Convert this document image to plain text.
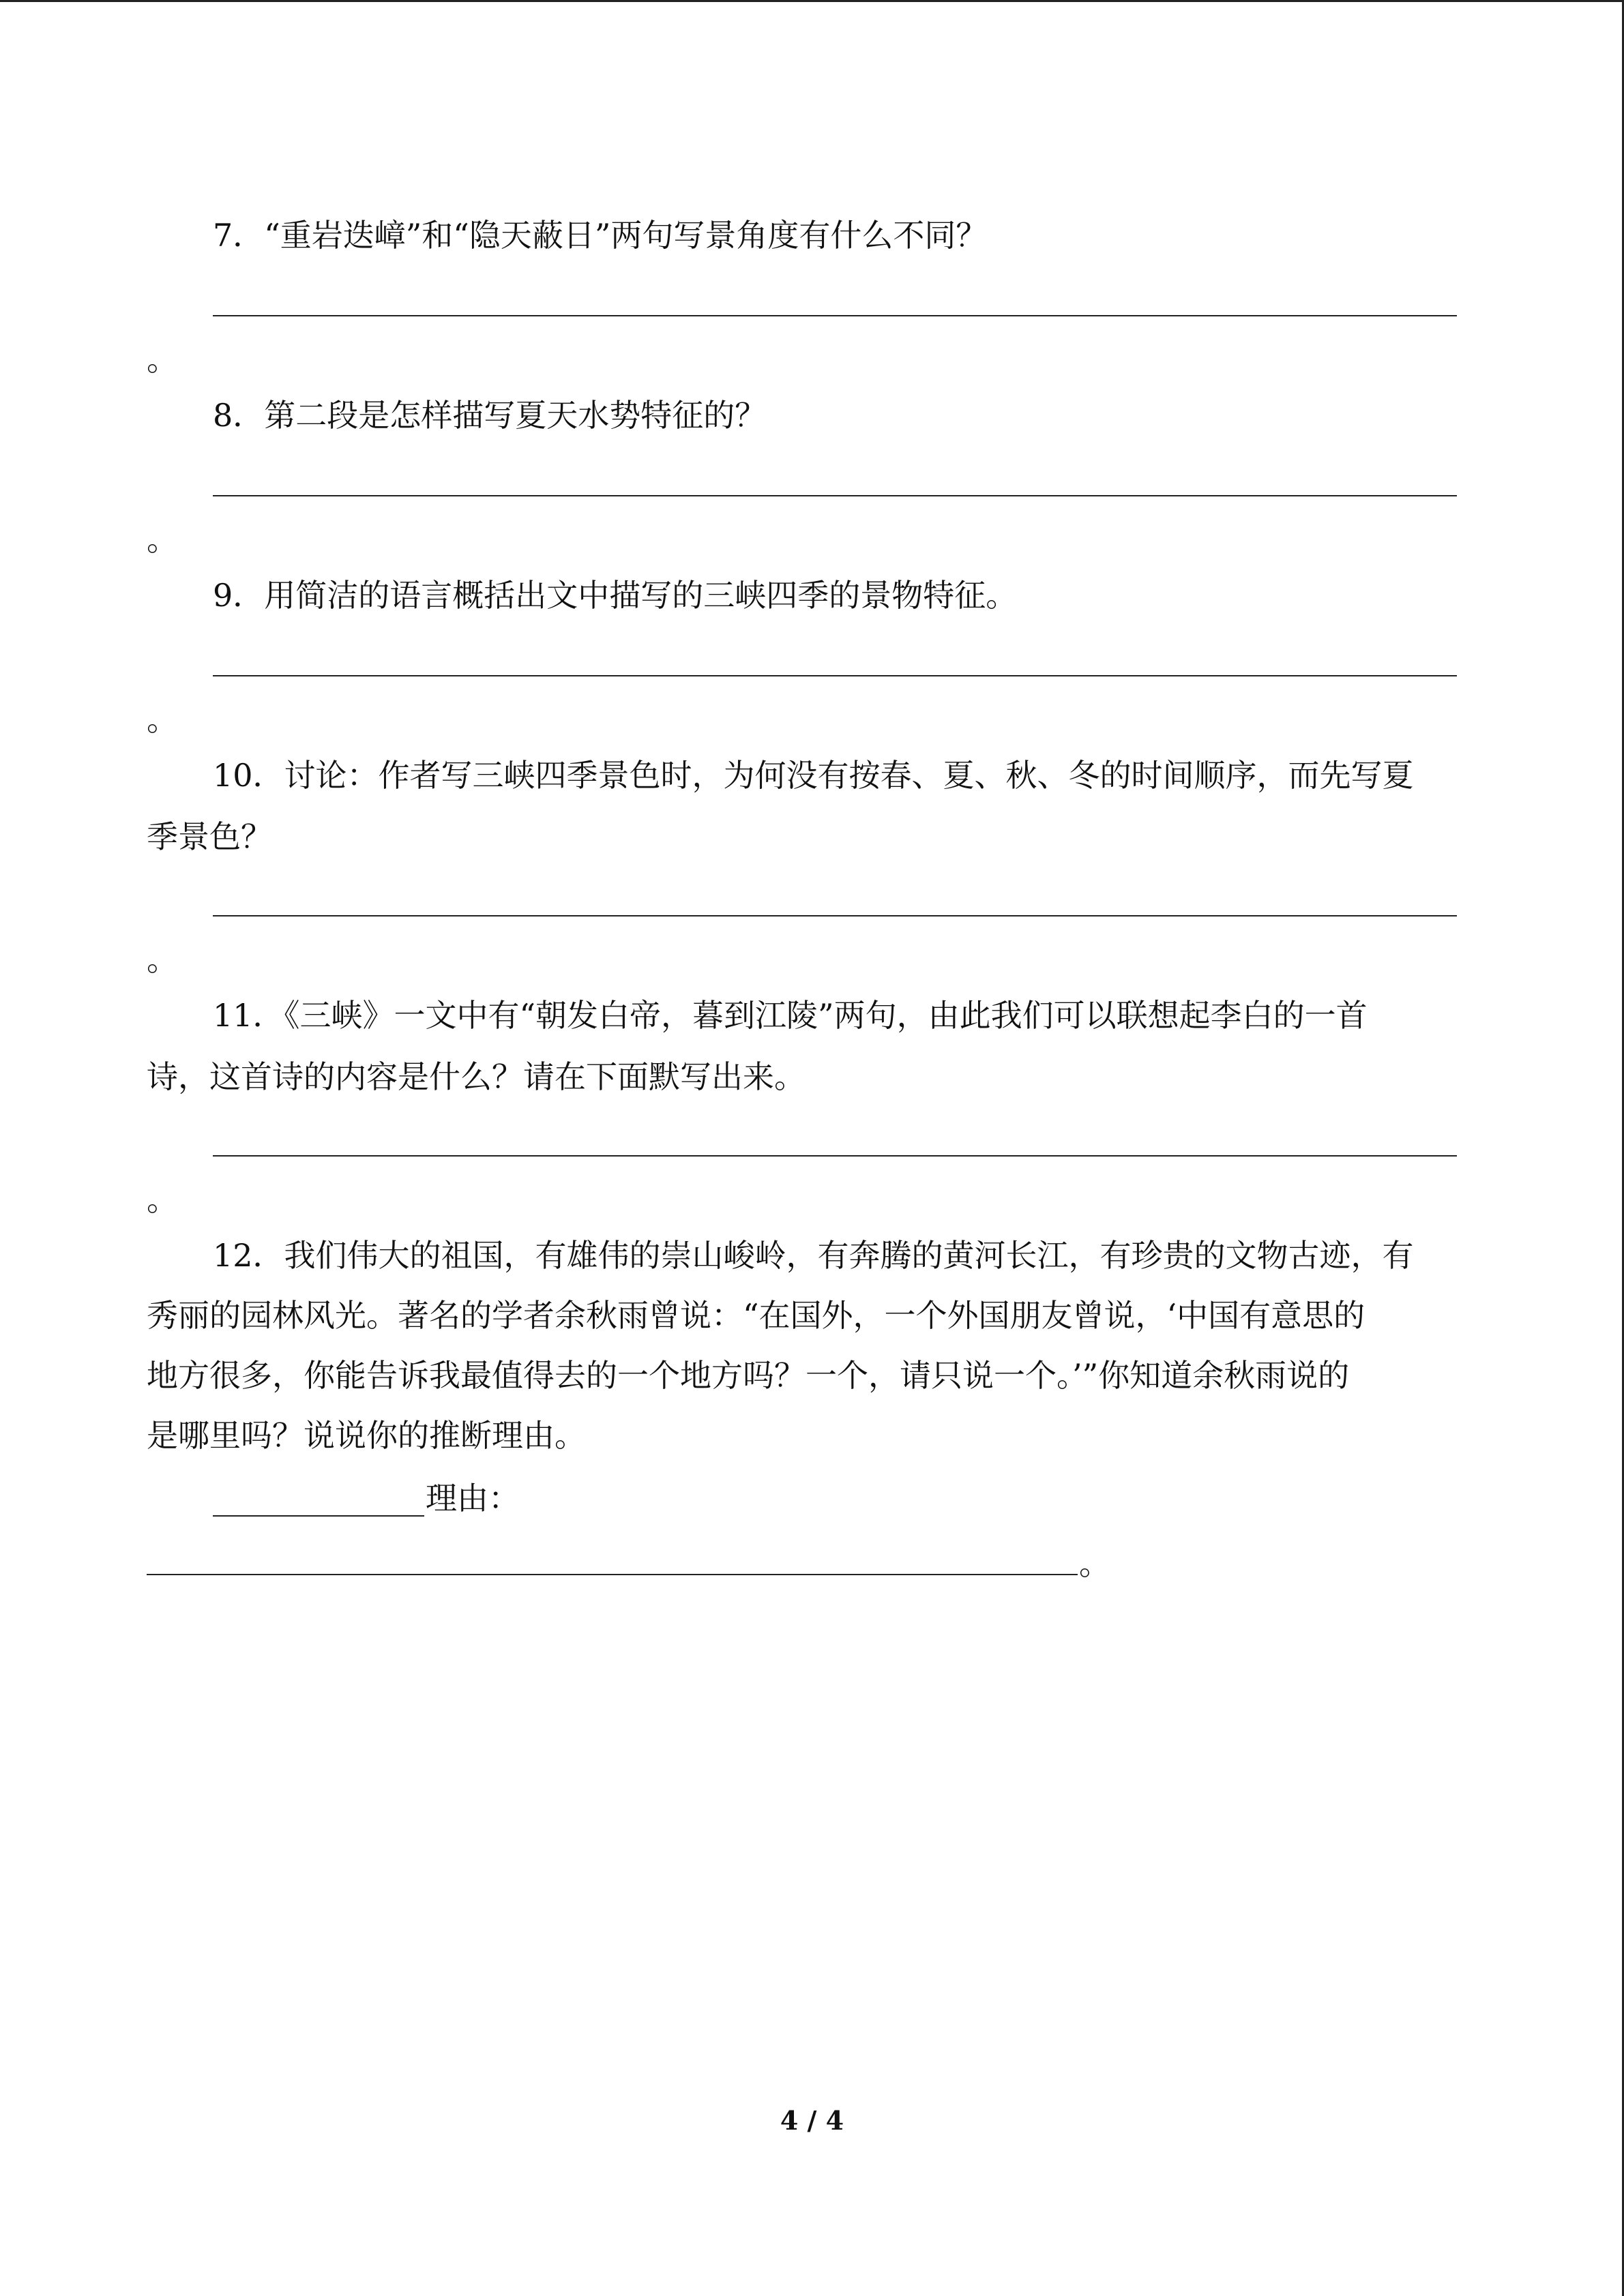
7．“重岩迭嶂”和“隐天蔽日”两句写景角度有什么不同？
。
8．第二段是怎样描写夏天水势特征的？
。
9．用简洁的语言概括出文中描写的三峡四季的景物特征。
。
10．讨论：作者写三峡四季景色时，为何没有按春、夏、秋、冬的时间顺序，而先写夏
季景色？
。
11．《三峡》一文中有“朝发白帝，暮到江陵”两句，由此我们可以联想起李白的一首
诗，这首诗的内容是什么？请在下面默写出来。
。
12．我们伟大的祖国，有雄伟的崇山峻岭，有奔腾的黄河长江，有珍贵的文物古迹，有
秀丽的园林风光。著名的学者余秋雨曾说：“在国外，一个外国朋友曾说，‘中国有意思的
地方很多，你能告诉我最值得去的一个地方吗？一个，请只说一个。’”你知道余秋雨说的
是哪里吗？说说你的推断理由。
理由：
。
4 / 4
